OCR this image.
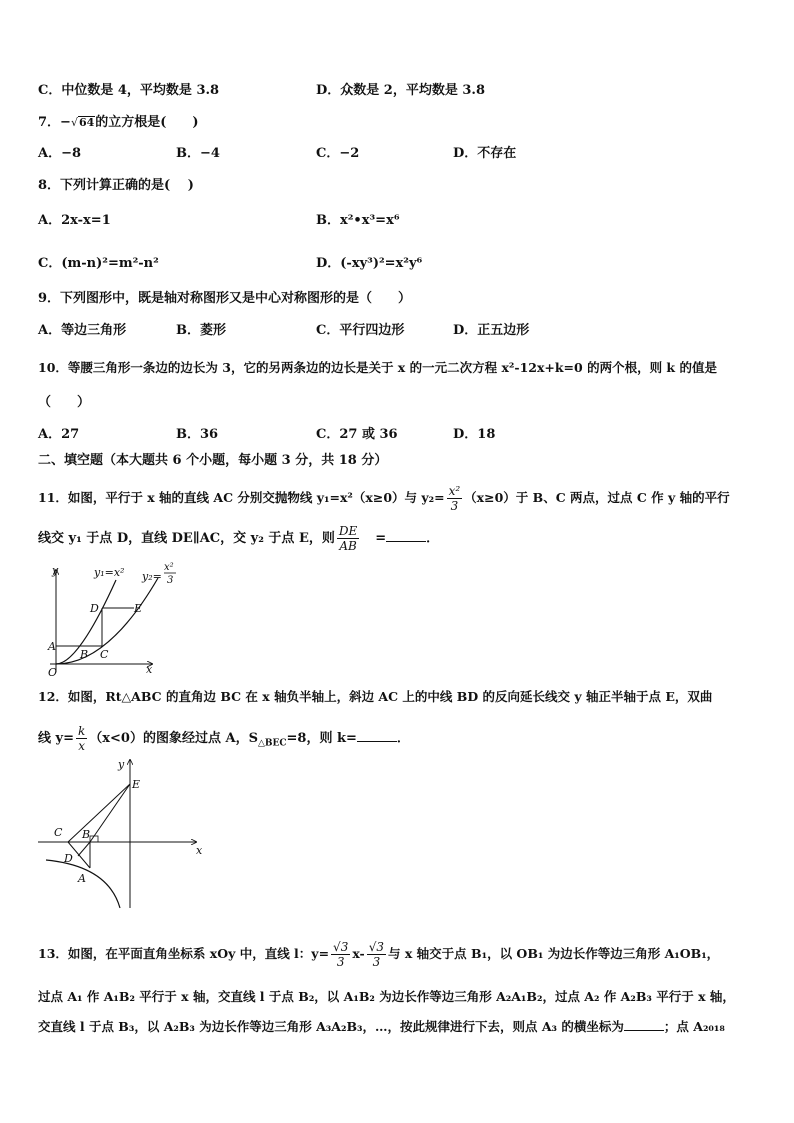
C．中位数是 4，平均数是 3.8	D．众数是 2，平均数是 3.8
7．−√64的立方根是(　　)
A．−8	B．−4	C．−2	D．不存在
8．下列计算正确的是(　 )
A．2x-x=1	B．x²•x³=x⁶
C．(m-n)²=m²-n²	D．(-xy³)²=x²y⁶
9．下列图形中，既是轴对称图形又是中心对称图形的是（　　）
A．等边三角形	B．菱形	C．平行四边形	D．正五边形
10．等腰三角形一条边的边长为 3，它的另两条边的边长是关于 x 的一元二次方程 x²-12x+k=0 的两个根，则 k 的值是
（　　）
A．27	B．36	C．27 或 36	D．18
二、填空题（本大题共 6 个小题，每小题 3 分，共 18 分）
11．如图，平行于 x 轴的直线 AC 分别交抛物线 y₁=x²（x≥0）与 $y_2= \frac{\text{x²}}{3} (x\ge 0)$于 B、C 两点，过点 C 作 y 轴的平行
线交 y₁ 于点 D，直线 DE∥AC，交 y₂ 于点 E，则 $\frac{DE}{AB}$ =	．
y
x
O
A
B C
D	E
y₁=x² y₂=
x²
3
12．如图，Rt△ABC 的直角边 BC 在 x 轴负半轴上，斜边 AC 上的中线 BD 的反向延长线交 y 轴正半轴于点 E，双曲
线 $y= \frac{k}{x} (x<0)$的图象经过点 A，$S_{\triangle BEC}=8$，则 k=	．
y
x
E
C B
D
A
13．如图，在平面直角坐标系 xOy 中，直线 l：$y= \frac{√3}{3} x- \frac{√3}{3}$ 与 x 轴交于点 B₁，以 OB₁ 为边长作等边三角形 A₁OB₁，
过点 A₁ 作 A₁B₂ 平行于 x 轴，交直线 l 于点 B₂，以 A₁B₂ 为边长作等边三角形 A₂A₁B₂，过点 A₂ 作 A₂B₃ 平行于 x 轴，
交直线 l 于点 B₃，以 A₂B₃ 为边长作等边三角形 A₃A₂B₃，…，按此规律进行下去，则点 A₃ 的横坐标为	；点 A₂₀₁₈
